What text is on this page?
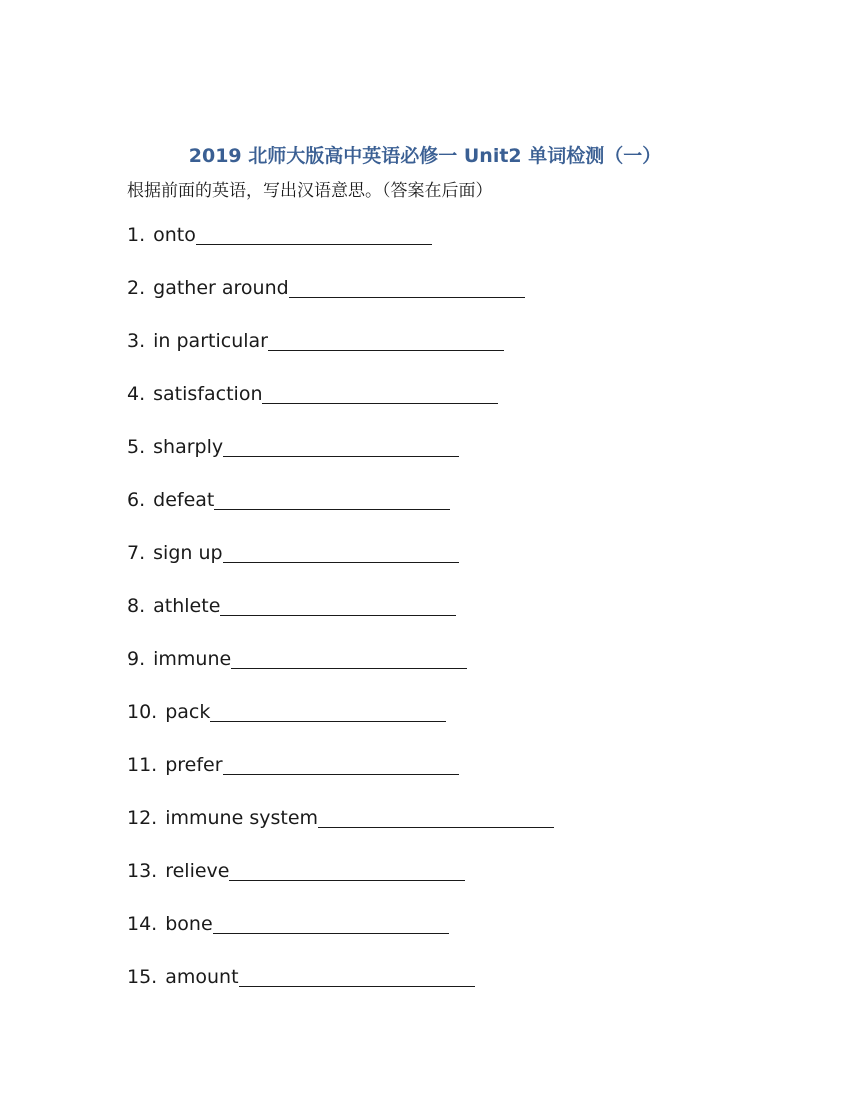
2019 北师大版高中英语必修一 Unit2 单词检测（一）
根据前面的英语，写出汉语意思。（答案在后面）
1. onto
2. gather around
3. in particular
4. satisfaction
5. sharply
6. defeat
7. sign up
8. athlete
9. immune
10. pack
11. prefer
12. immune system
13. relieve
14. bone
15. amount
